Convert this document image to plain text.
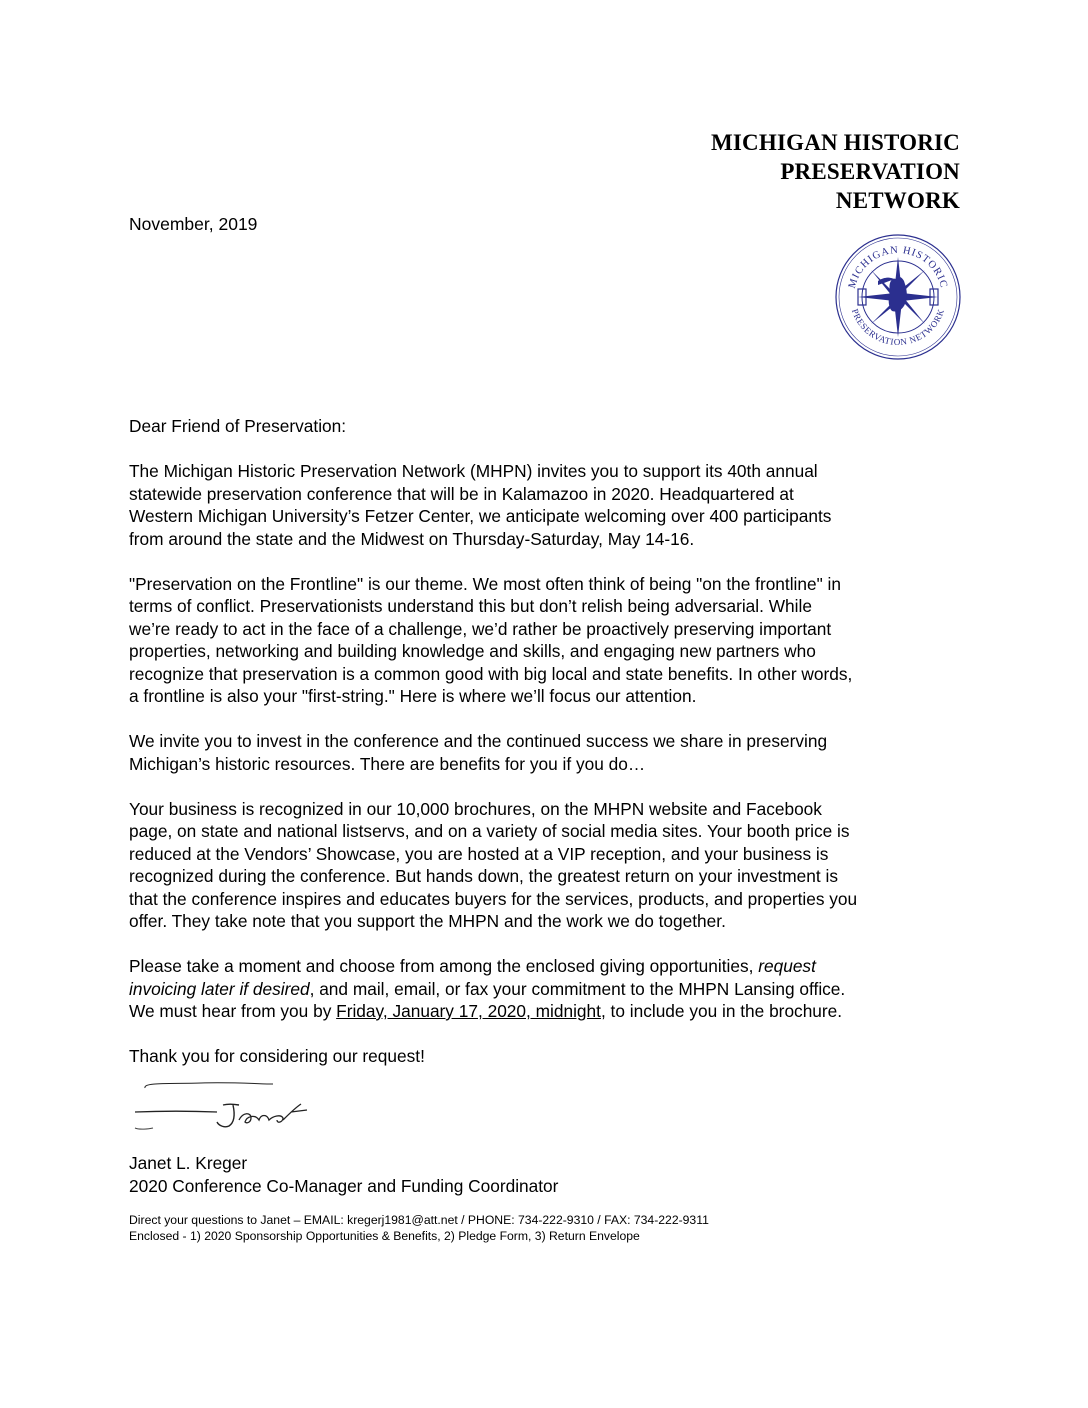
MICHIGAN HISTORIC
PRESERVATION
NETWORK
November, 2019
MICHIGAN HISTORIC
PRESERVATION NETWORK

Dear Friend of Preservation:

The Michigan Historic Preservation Network (MHPN) invites you to support its 40th annual
statewide preservation conference that will be in Kalamazoo in 2020. Headquartered at
Western Michigan University’s Fetzer Center, we anticipate welcoming over 400 participants
from around the state and the Midwest on Thursday-Saturday, May 14-16.

"Preservation on the Frontline" is our theme. We most often think of being "on the frontline" in
terms of conflict. Preservationists understand this but don’t relish being adversarial. While
we’re ready to act in the face of a challenge, we’d rather be proactively preserving important
properties, networking and building knowledge and skills, and engaging new partners who
recognize that preservation is a common good with big local and state benefits. In other words,
a frontline is also your "first-string." Here is where we’ll focus our attention.

We invite you to invest in the conference and the continued success we share in preserving
Michigan’s historic resources. There are benefits for you if you do…

Your business is recognized in our 10,000 brochures, on the MHPN website and Facebook
page, on state and national listservs, and on a variety of social media sites. Your booth price is
reduced at the Vendors’ Showcase, you are hosted at a VIP reception, and your business is
recognized during the conference. But hands down, the greatest return on your investment is
that the conference inspires and educates buyers for the services, products, and properties you
offer. They take note that you support the MHPN and the work we do together.

Please take a moment and choose from among the enclosed giving opportunities, request
invoicing later if desired, and mail, email, or fax your commitment to the MHPN Lansing office.
We must hear from you by Friday, January 17, 2020, midnight, to include you in the brochure.

Thank you for considering our request!

Janet L. Kreger
2020 Conference Co-Manager and Funding Coordinator
Direct your questions to Janet – EMAIL: kregerj1981@att.net / PHONE: 734-222-9310 / FAX: 734-222-9311
Enclosed - 1) 2020 Sponsorship Opportunities & Benefits, 2) Pledge Form, 3) Return Envelope
